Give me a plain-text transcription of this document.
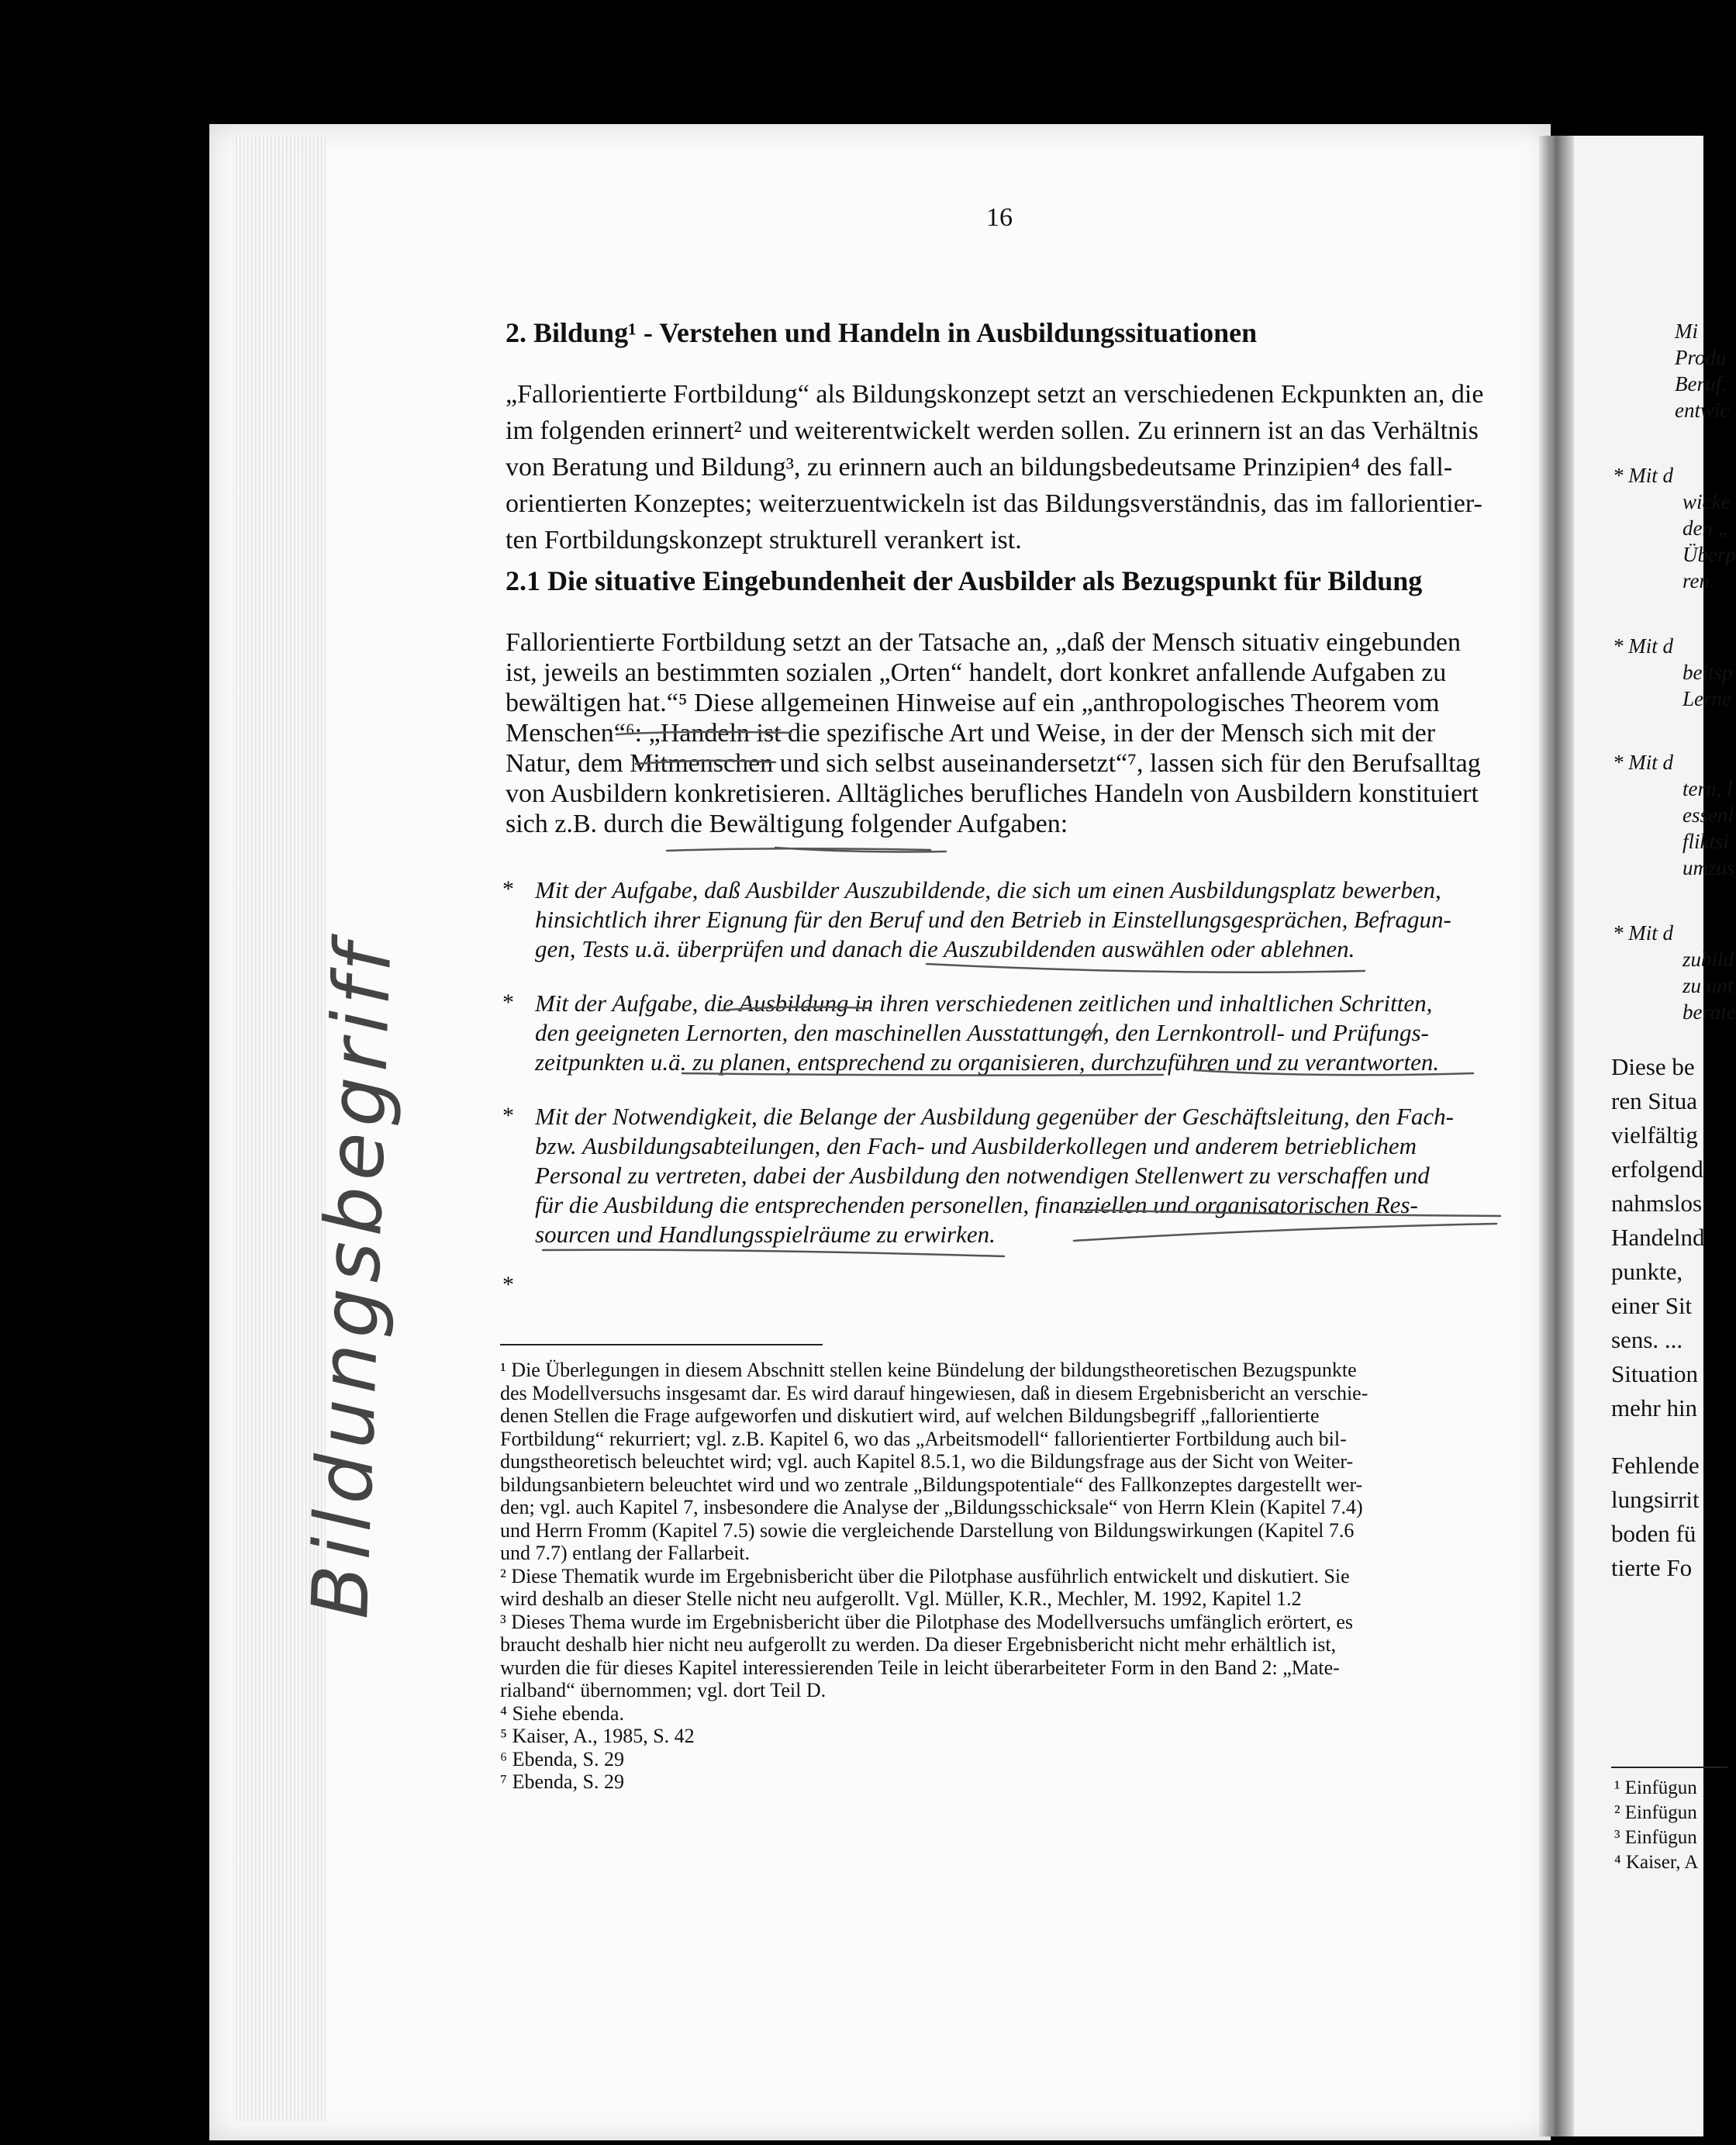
16
2. Bildung¹ - Verstehen und Handeln in Ausbildungssituationen
„Fallorientierte Fortbildung“ als Bildungskonzept setzt an verschiedenen Eckpunkten an, die
im folgenden erinnert² und weiterentwickelt werden sollen. Zu erinnern ist an das Verhältnis
von Beratung und Bildung³, zu erinnern auch an bildungsbedeutsame Prinzipien⁴ des fall-
orientierten Konzeptes; weiterzuentwickeln ist das Bildungsverständnis, das im fallorientier-
ten Fortbildungskonzept strukturell verankert ist.
2.1 Die situative Eingebundenheit der Ausbilder als Bezugspunkt für Bildung
Fallorientierte Fortbildung setzt an der Tatsache an, „daß der Mensch situativ eingebunden
ist, jeweils an bestimmten sozialen „Orten“ handelt, dort konkret anfallende Aufgaben zu
bewältigen hat.“⁵ Diese allgemeinen Hinweise auf ein „anthropologisches Theorem vom
Menschen“⁶: „Handeln ist die spezifische Art und Weise, in der der Mensch sich mit der
Natur, dem Mitmenschen und sich selbst auseinandersetzt“⁷, lassen sich für den Berufsalltag
von Ausbildern konkretisieren. Alltägliches berufliches Handeln von Ausbildern konstituiert
sich z.B. durch die Bewältigung folgender Aufgaben:
* Mit der Aufgabe, daß Ausbilder Auszubildende, die sich um einen Ausbildungsplatz bewerben,
hinsichtlich ihrer Eignung für den Beruf und den Betrieb in Einstellungsgesprächen, Befragun-
gen, Tests u.ä. überprüfen und danach die Auszubildenden auswählen oder ablehnen.
* Mit der Aufgabe, die Ausbildung in ihren verschiedenen zeitlichen und inhaltlichen Schritten,
den geeigneten Lernorten, den maschinellen Ausstattungen, den Lernkontroll- und Prüfungs-
zeitpunkten u.ä. zu planen, entsprechend zu organisieren, durchzuführen und zu verantworten.
* Mit der Notwendigkeit, die Belange der Ausbildung gegenüber der Geschäftsleitung, den Fach-
bzw. Ausbildungsabteilungen, den Fach- und Ausbilderkollegen und anderem betrieblichem
Personal zu vertreten, dabei der Ausbildung den notwendigen Stellenwert zu verschaffen und
für die Ausbildung die entsprechenden personellen, finanziellen und organisatorischen Res-
sourcen und Handlungsspielräume zu erwirken.
*
¹ Die Überlegungen in diesem Abschnitt stellen keine Bündelung der bildungstheoretischen Bezugspunkte
des Modellversuchs insgesamt dar. Es wird darauf hingewiesen, daß in diesem Ergebnisbericht an verschie-
denen Stellen die Frage aufgeworfen und diskutiert wird, auf welchen Bildungsbegriff „fallorientierte
Fortbildung“ rekurriert; vgl. z.B. Kapitel 6, wo das „Arbeitsmodell“ fallorientierter Fortbildung auch bil-
dungstheoretisch beleuchtet wird; vgl. auch Kapitel 8.5.1, wo die Bildungsfrage aus der Sicht von Weiter-
bildungsanbietern beleuchtet wird und wo zentrale „Bildungspotentiale“ des Fallkonzeptes dargestellt wer-
den; vgl. auch Kapitel 7, insbesondere die Analyse der „Bildungsschicksale“ von Herrn Klein (Kapitel 7.4)
und Herrn Fromm (Kapitel 7.5) sowie die vergleichende Darstellung von Bildungswirkungen (Kapitel 7.6
und 7.7) entlang der Fallarbeit.
² Diese Thematik wurde im Ergebnisbericht über die Pilotphase ausführlich entwickelt und diskutiert. Sie
wird deshalb an dieser Stelle nicht neu aufgerollt. Vgl. Müller, K.R., Mechler, M. 1992, Kapitel 1.2
³ Dieses Thema wurde im Ergebnisbericht über die Pilotphase des Modellversuchs umfänglich erörtert, es
braucht deshalb hier nicht neu aufgerollt zu werden. Da dieser Ergebnisbericht nicht mehr erhältlich ist,
wurden die für dieses Kapitel interessierenden Teile in leicht überarbeiteter Form in den Band 2: „Mate-
rialband“ übernommen; vgl. dort Teil D.
⁴ Siehe ebenda.
⁵ Kaiser, A., 1985, S. 42
⁶ Ebenda, S. 29
⁷ Ebenda, S. 29
Mi
Produ
Beruf.
entwic
* Mit d
wicke
den „
Überp
ren.
* Mit d
beitsp
Lerne
* Mit d
tern, l
essenl
fliktsi
umzus
* Mit d
zubild
zu unt
berate
Diese be
ren Situa
vielfältig
erfolgend
nahmslos
Handelnd
punkte,
einer Sit
sens. ...
Situation
mehr hin
Fehlende
lungsirrit
boden fü
tierte Fo
¹ Einfügun
² Einfügun
³ Einfügun
⁴ Kaiser, A
Bildungsbegriff
